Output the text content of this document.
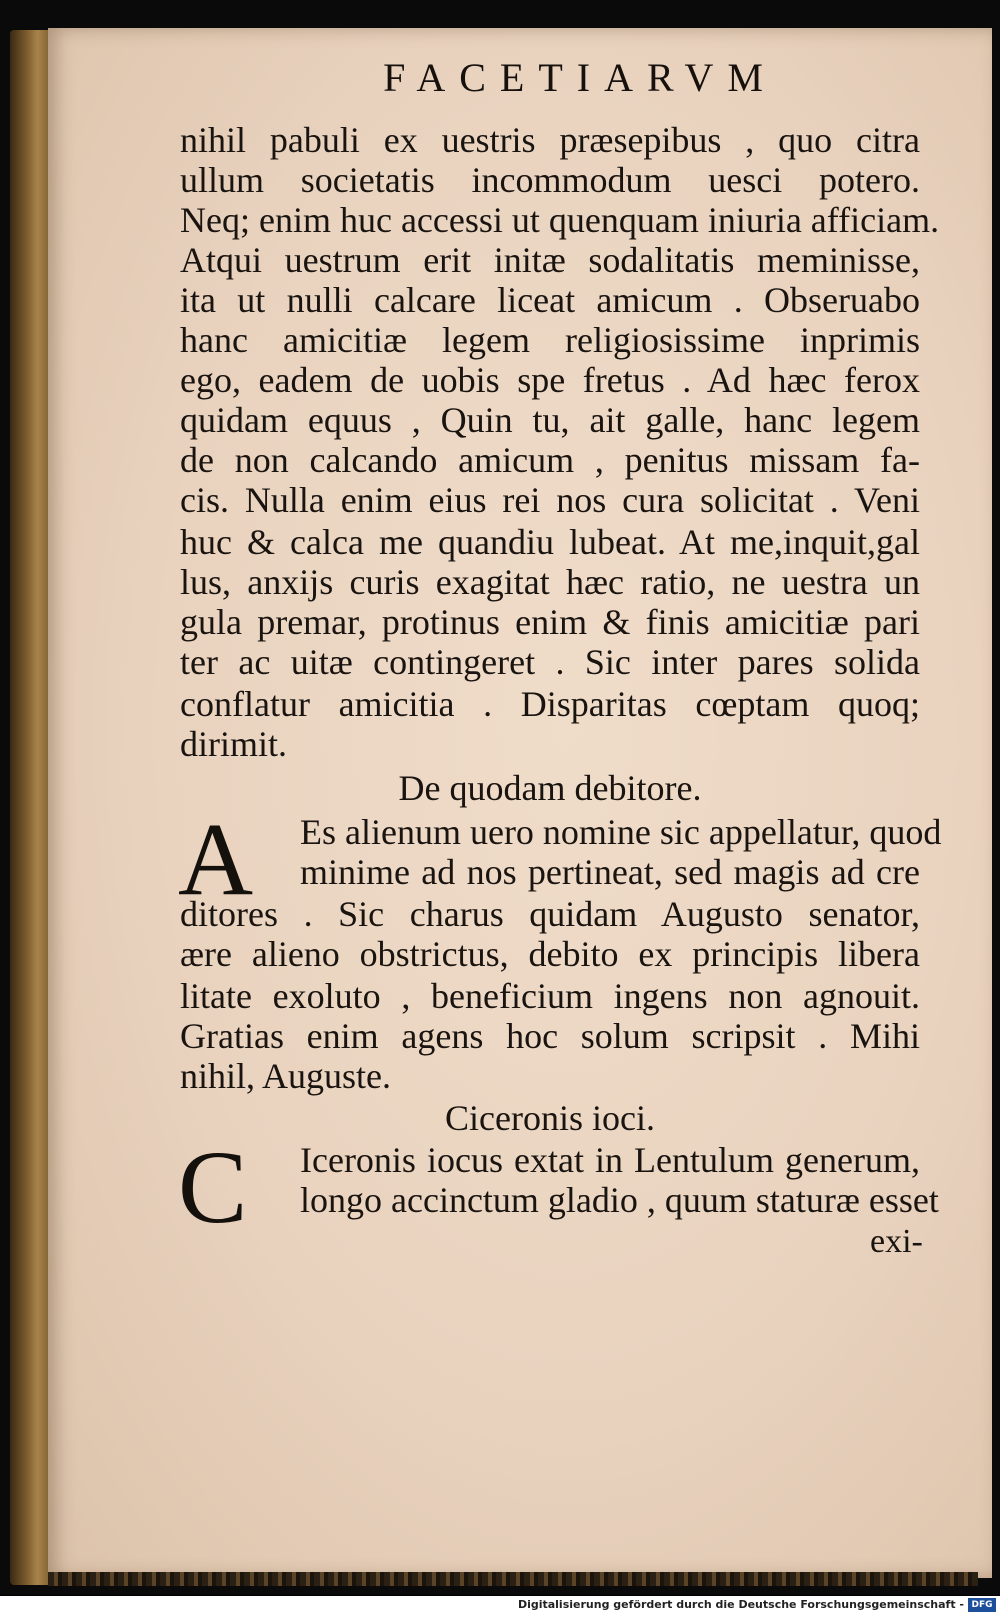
FACETIARVM
nihil pabuli ex uestris præsepibus , quo citra
ullum societatis incommodum uesci potero.
Neq; enim huc accessi ut quenquam iniuria afficiam.
Atqui uestrum erit initæ sodalitatis meminisse,
ita ut nulli calcare liceat amicum . Obseruabo
hanc amicitiæ legem religiosissime inprimis
ego, eadem de uobis spe fretus . Ad hæc ferox
quidam equus , Quin tu, ait galle, hanc legem
de non calcando amicum , penitus missam fa-
cis. Nulla enim eius rei nos cura solicitat . Veni
huc & calca me quandiu lubeat. At me,inquit,gal
lus, anxijs curis exagitat hæc ratio, ne uestra un
gula premar, protinus enim & finis amicitiæ pari
ter ac uitæ contingeret . Sic inter pares solida
conflatur amicitia . Disparitas cœptam quoq;
dirimit.
De quodam debitore.
A Es alienum uero nomine sic appellatur, quod
minime ad nos pertineat, sed magis ad cre
ditores . Sic charus quidam Augusto senator,
ære alieno obstrictus, debito ex principis libera
litate exoluto , beneficium ingens non agnouit.
Gratias enim agens hoc solum scripsit . Mihi
nihil, Auguste.
Ciceronis ioci.
C Iceronis iocus extat in Lentulum generum,
longo accinctum gladio , quum staturæ esset
exi-
Digitalisierung gefördert durch die Deutsche Forschungsgemeinschaft - DFG
